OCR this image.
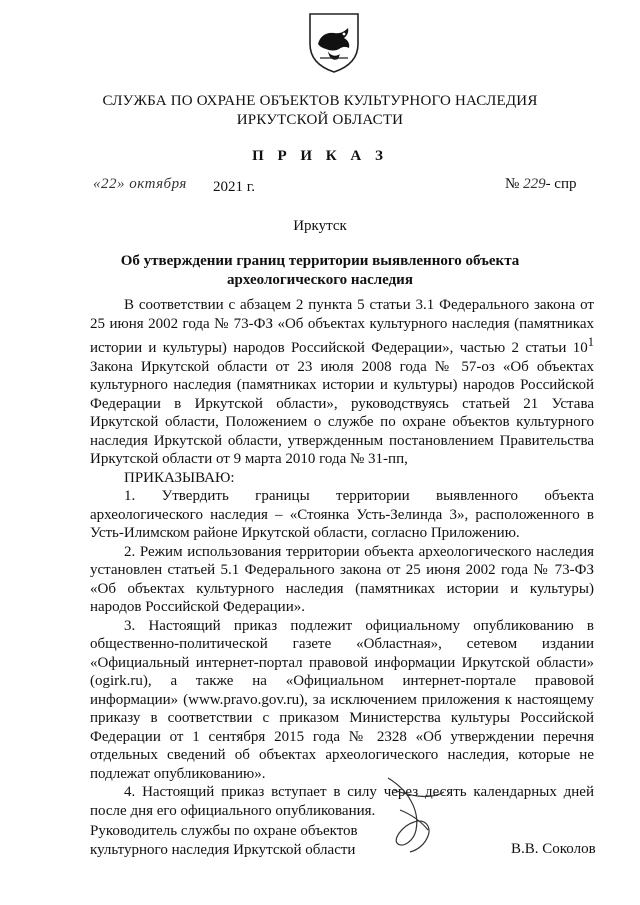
СЛУЖБА ПО ОХРАНЕ ОБЪЕКТОВ КУЛЬТУРНОГО НАСЛЕДИЯ
ИРКУТСКОЙ ОБЛАСТИ
П Р И К А З
«22» октября 2021 г.	№ 229- спр
Иркутск
Об утверждении границ территории выявленного объекта
археологического наследия

В соответствии с абзацем 2 пункта 5 статьи 3.1 Федерального закона от 25 июня 2002 года № 73-ФЗ «Об объектах культурного наследия (памятниках истории и культуры) народов Российской Федерации», частью 2 статьи $10^1$ Закона Иркутской области от 23 июля 2008 года № 57-оз «Об объектах культурного наследия (памятниках истории и культуры) народов Российской Федерации в Иркутской области», руководствуясь статьей 21 Устава Иркутской области, Положением о службе по охране объектов культурного наследия Иркутской области, утвержденным постановлением Правительства Иркутской области от 9 марта 2010 года № 31-пп,

ПРИКАЗЫВАЮ:

1. Утвердить границы территории выявленного объекта археологического наследия – «Стоянка Усть-Зелинда 3», расположенного в Усть-Илимском районе Иркутской области, согласно Приложению.

2. Режим использования территории объекта археологического наследия установлен статьей 5.1 Федерального закона от 25 июня 2002 года № 73-ФЗ «Об объектах культурного наследия (памятниках истории и культуры) народов Российской Федерации».

3. Настоящий приказ подлежит официальному опубликованию в общественно-политической газете «Областная», сетевом издании «Официальный интернет-портал правовой информации Иркутской области» (ogirk.ru), а также на «Официальном интернет-портале правовой информации» (www.pravo.gov.ru), за исключением приложения к настоящему приказу в соответствии с приказом Министерства культуры Российской Федерации от 1 сентября 2015 года № 2328 «Об утверждении перечня отдельных сведений об объектах археологического наследия, которые не подлежат опубликованию».

4. Настоящий приказ вступает в силу через десять календарных дней после дня его официального опубликования.

Руководитель службы по охране объектов
культурного наследия Иркутской области	В.В. Соколов
